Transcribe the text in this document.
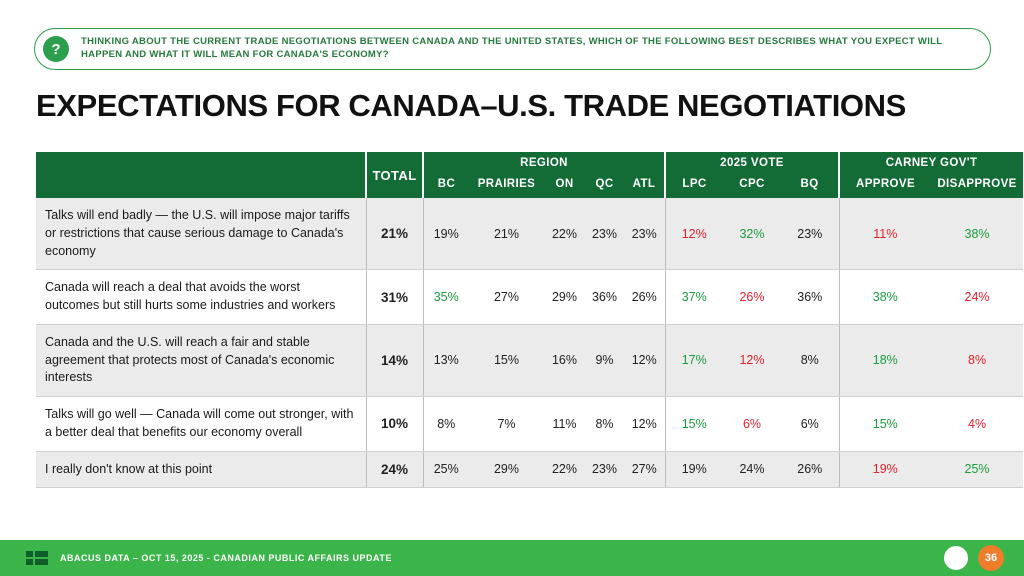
?	THINKING ABOUT THE CURRENT TRADE NEGOTIATIONS BETWEEN CANADA AND THE UNITED STATES, WHICH OF THE FOLLOWING BEST DESCRIBES WHAT YOU EXPECT WILL HAPPEN AND WHAT IT WILL MEAN FOR CANADA'S ECONOMY?
EXPECTATIONS FOR CANADA–U.S. TRADE NEGOTIATIONS
	TOTAL	REGION					2025 VOTE			CARNEY GOV'T	
		BC	PRAIRIES	ON	QC	ATL	LPC	CPC	BQ	APPROVE	DISAPPROVE
Talks will end badly — the U.S. will impose major tariffs or restrictions that cause serious damage to Canada's economy	21%	19%	21%	22%	23%	23%	12%	32%	23%	11%	38%
Canada will reach a deal that avoids the worst outcomes but still hurts some industries and workers	31%	35%	27%	29%	36%	26%	37%	26%	36%	38%	24%
Canada and the U.S. will reach a fair and stable agreement that protects most of Canada's economic interests	14%	13%	15%	16%	9%	12%	17%	12%	8%	18%	8%
Talks will go well — Canada will come out stronger, with a better deal that benefits our economy overall	10%	8%	7%	11%	8%	12%	15%	6%	6%	15%	4%
I really don't know at this point	24%	25%	29%	22%	23%	27%	19%	24%	26%	19%	25%
ABACUS DATA – OCT 15, 2025 - CANADIAN PUBLIC AFFAIRS UPDATE	36
